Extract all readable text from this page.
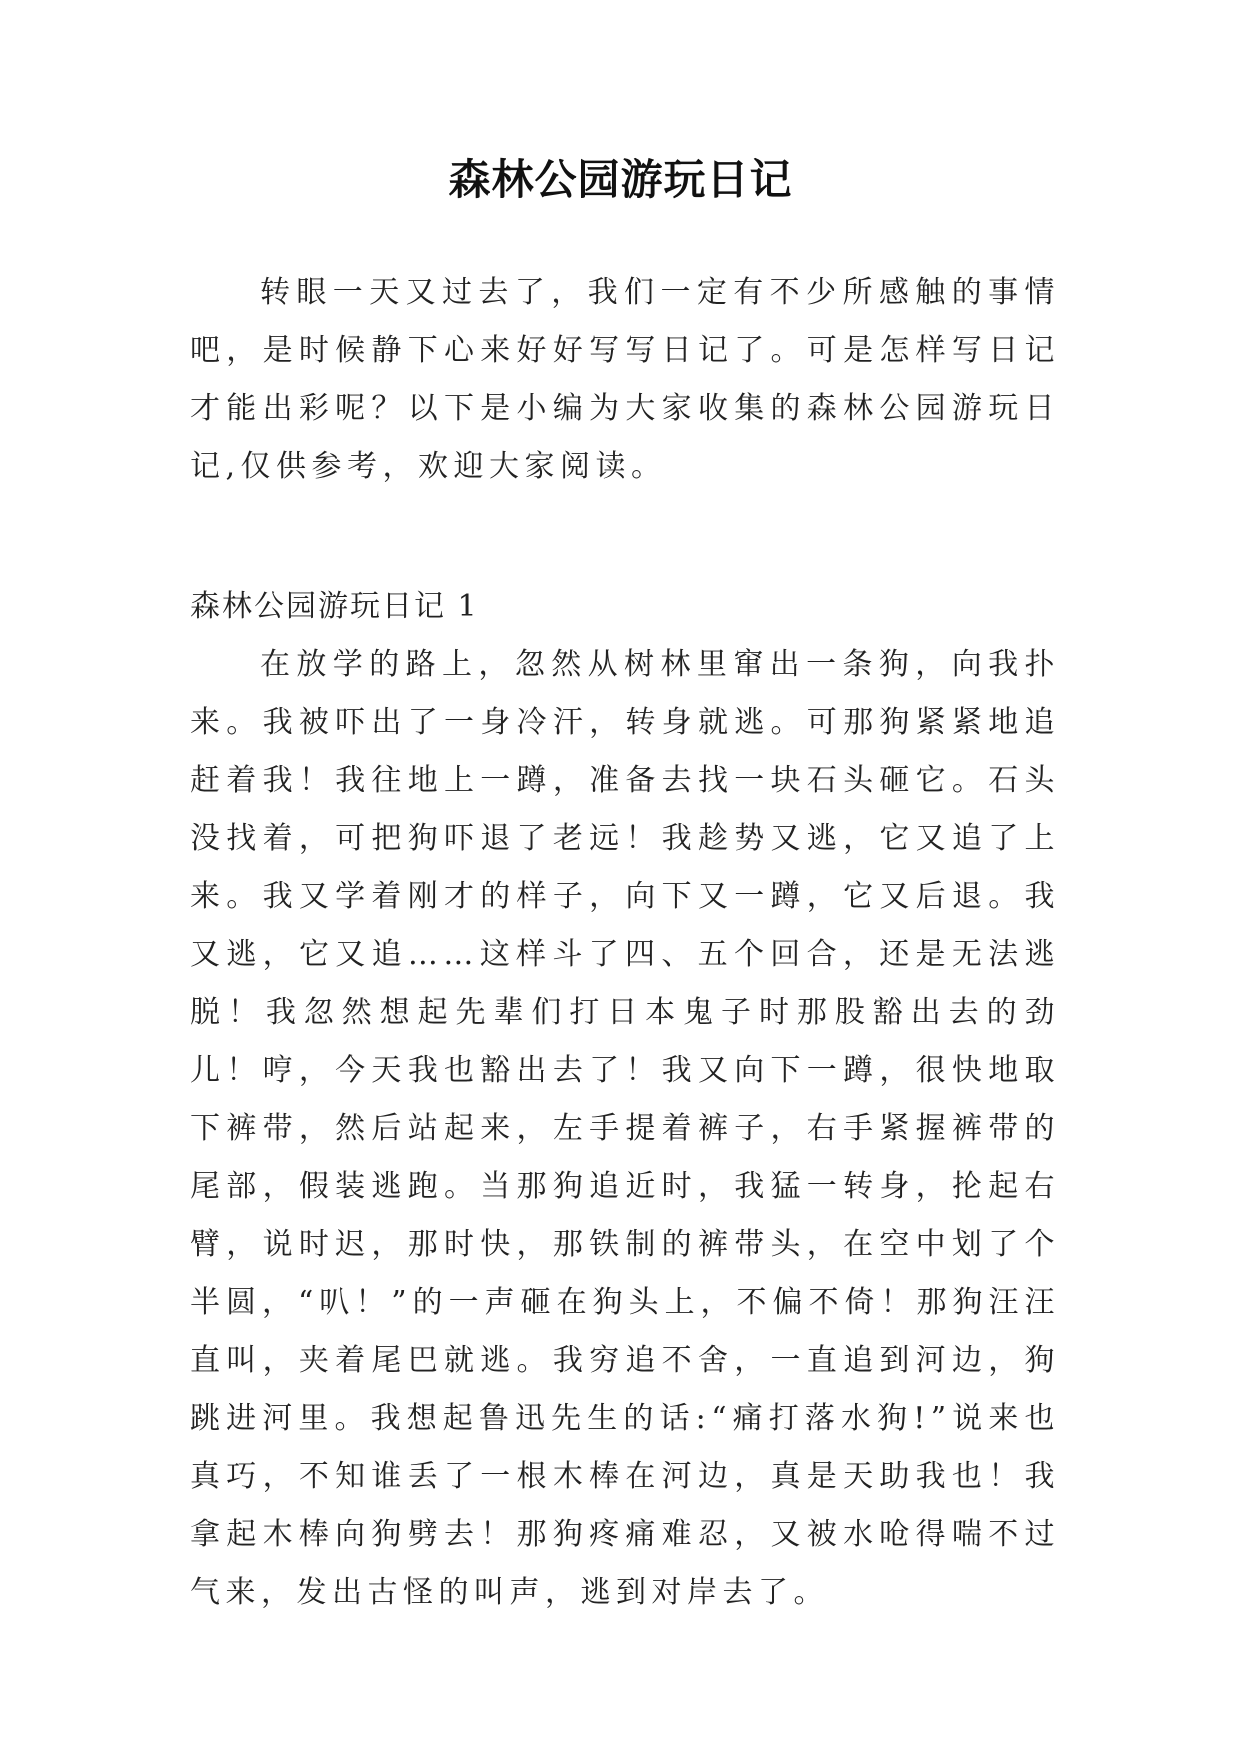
森林公园游玩日记

转眼一天又过去了，我们一定有不少所感触的事情吧，是时候静下心来好好写写日记了。可是怎样写日记才能出彩呢？以下是小编为大家收集的森林公园游玩日记,仅供参考，欢迎大家阅读。

森林公园游玩日记 1

在放学的路上，忽然从树林里窜出一条狗，向我扑来。我被吓出了一身冷汗，转身就逃。可那狗紧紧地追赶着我！我往地上一蹲，准备去找一块石头砸它。石头没找着，可把狗吓退了老远！我趁势又逃，它又追了上来。我又学着刚才的样子，向下又一蹲，它又后退。我又逃，它又追……这样斗了四、五个回合，还是无法逃脱！我忽然想起先辈们打日本鬼子时那股豁出去的劲儿！哼，今天我也豁出去了！我又向下一蹲，很快地取下裤带，然后站起来，左手提着裤子，右手紧握裤带的尾部，假装逃跑。当那狗追近时，我猛一转身，抡起右臂，说时迟，那时快，那铁制的裤带头，在空中划了个半圆，“叭！”的一声砸在狗头上，不偏不倚！那狗汪汪直叫，夹着尾巴就逃。我穷追不舍，一直追到河边，狗跳进河里。我想起鲁迅先生的话:“痛打落水狗!”说来也真巧，不知谁丢了一根木棒在河边，真是天助我也！我拿起木棒向狗劈去！那狗疼痛难忍，又被水呛得喘不过气来，发出古怪的叫声，逃到对岸去了。
